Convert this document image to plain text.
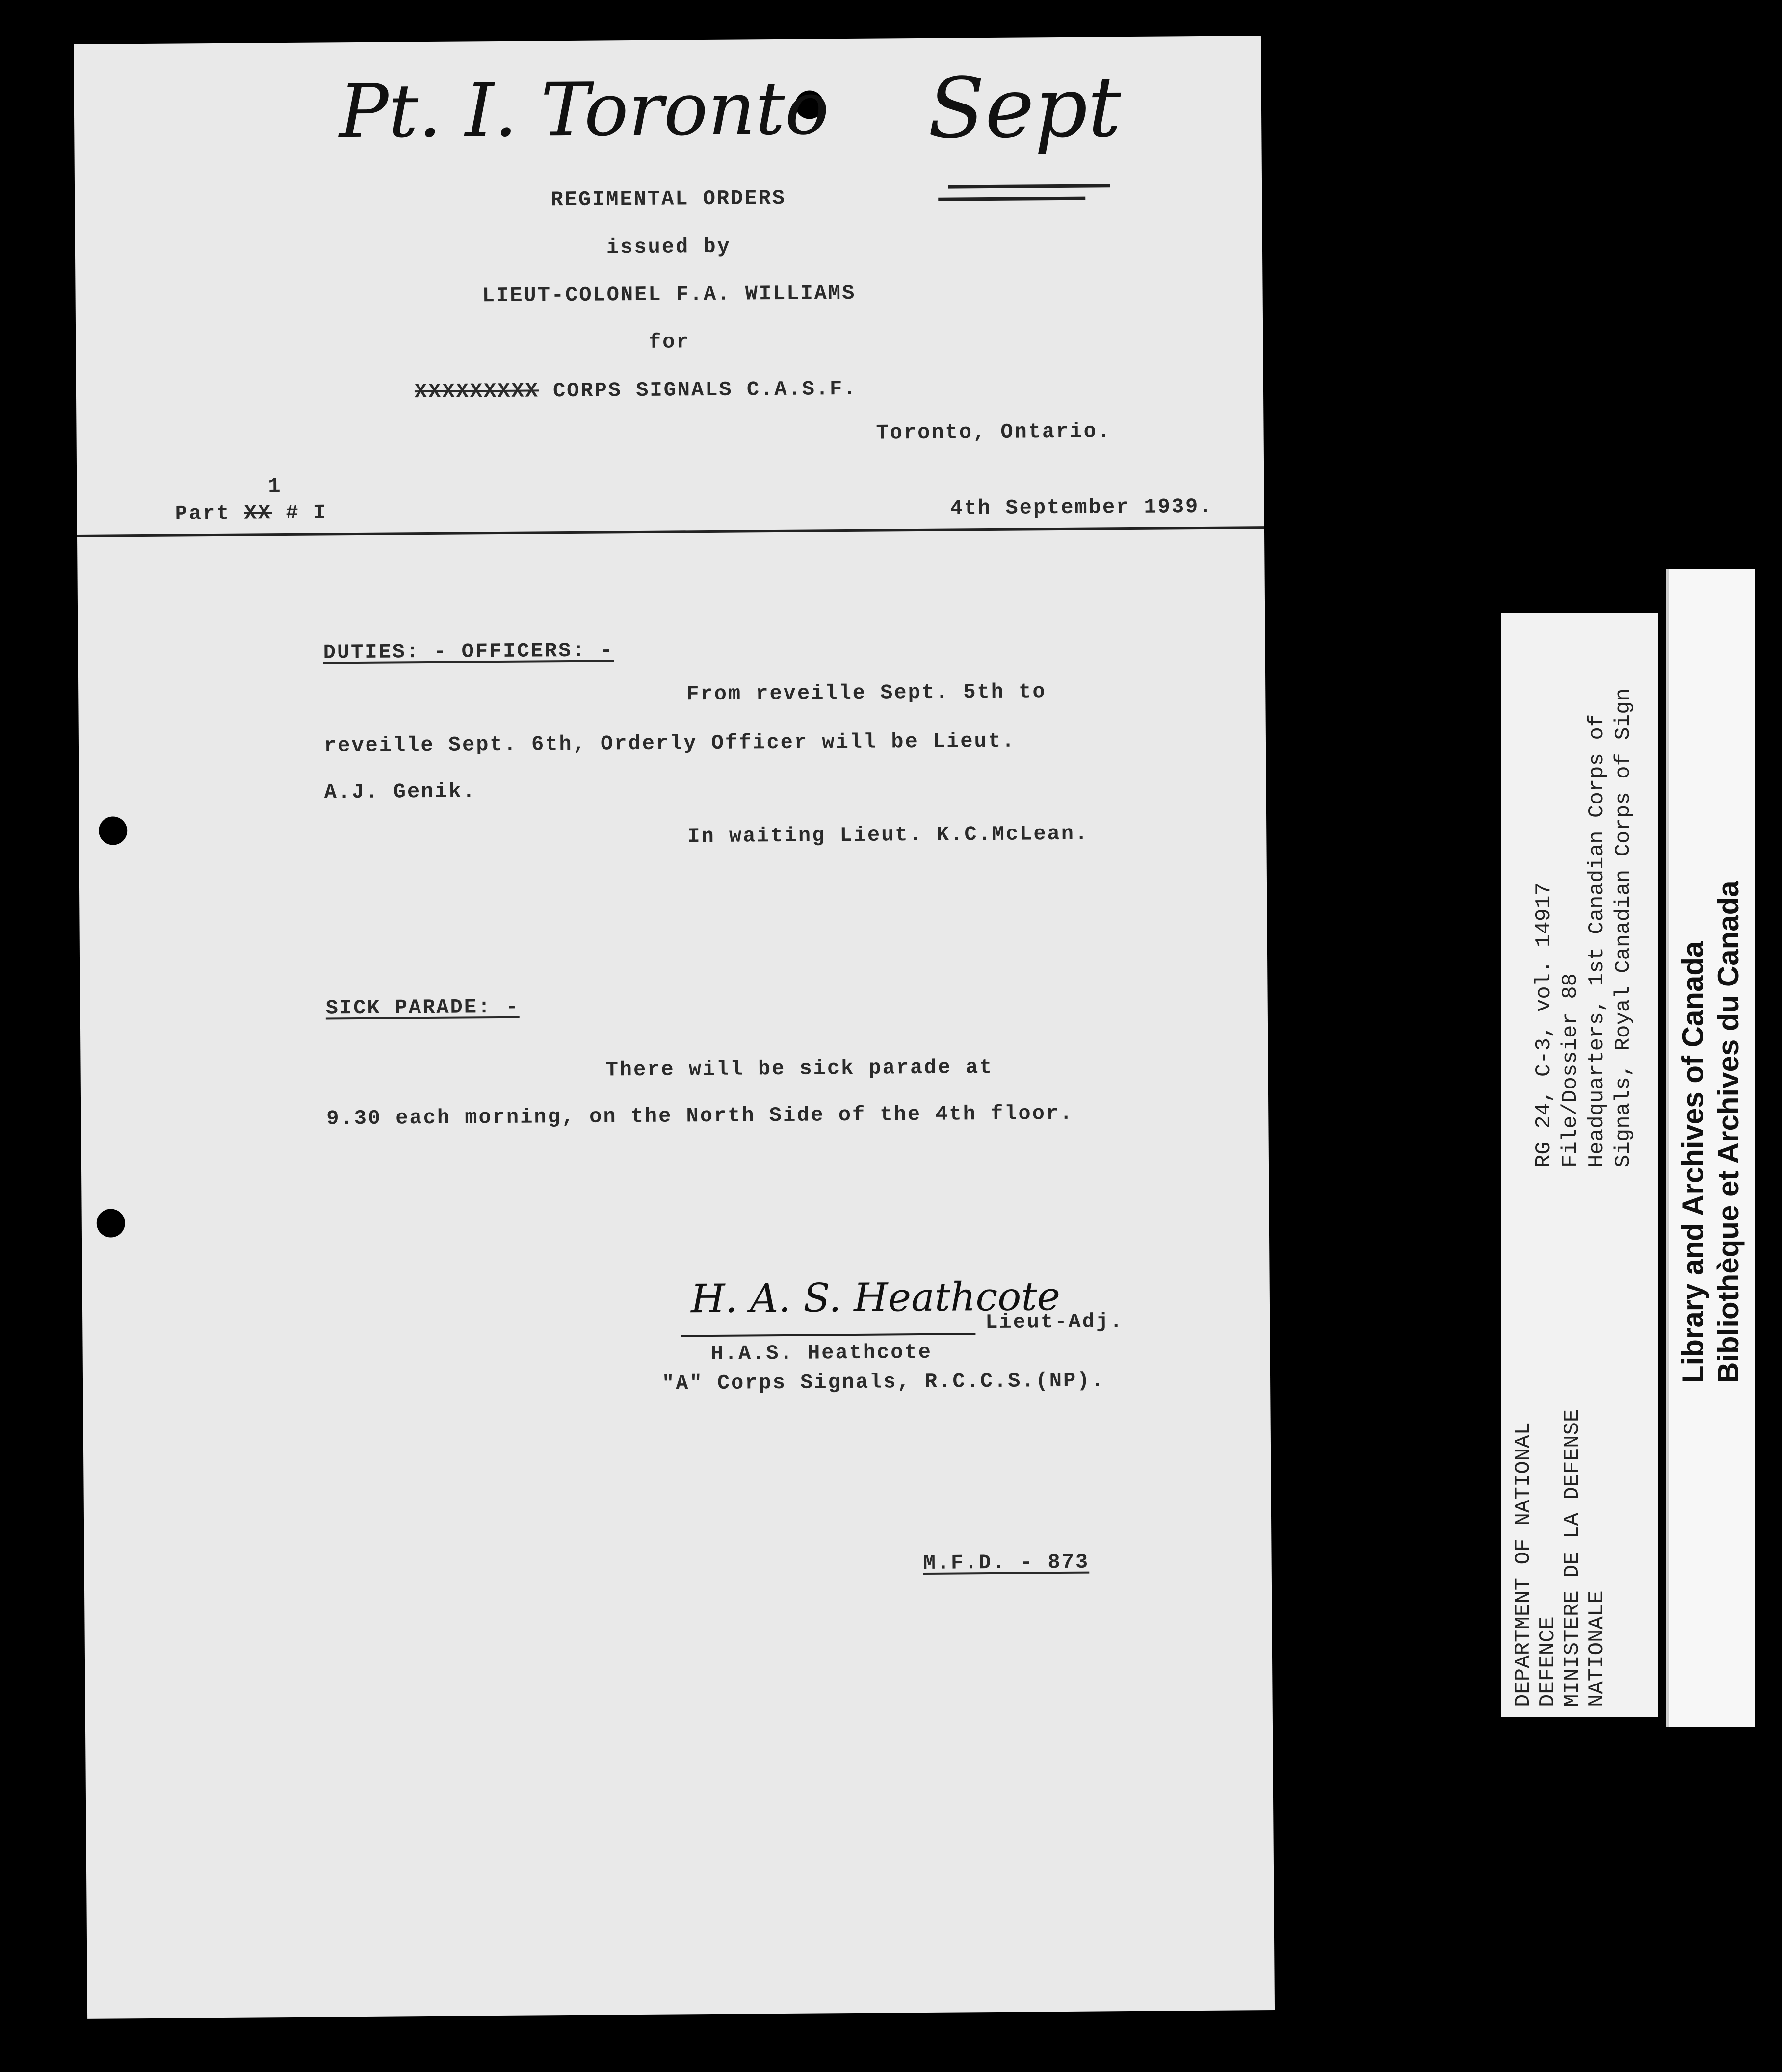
Pt. I. Toronto Sept
REGIMENTAL ORDERS
issued by
LIEUT-COLONEL F.A. WILLIAMS
for
XXXXXXXXX CORPS SIGNALS C.A.S.F.
Toronto, Ontario.
1
Part XX # I	4th September 1939.
DUTIES: - OFFICERS: -
From reveille Sept. 5th to
reveille Sept. 6th, Orderly Officer will be Lieut.
A.J. Genik.
In waiting Lieut. K.C.McLean.
SICK PARADE: -
There will be sick parade at
9.30 each morning, on the North Side of the 4th floor.
H. A. S. Heathcote
Lieut-Adj.
H.A.S. Heathcote
"A" Corps Signals, R.C.C.S.(NP).
M.F.D. - 873	DEPARTMENT OF NATIONAL DEFENCE MINISTERE DE LA DEFENSE NATIONALE
RG 24, C-3, vol. 14917 File/Dossier 88 Headquarters, 1st Canadian Corps of Signals, Royal Canadian Corps of Sign Library and Archives of Canada Bibliothèque et Archives du Canada
